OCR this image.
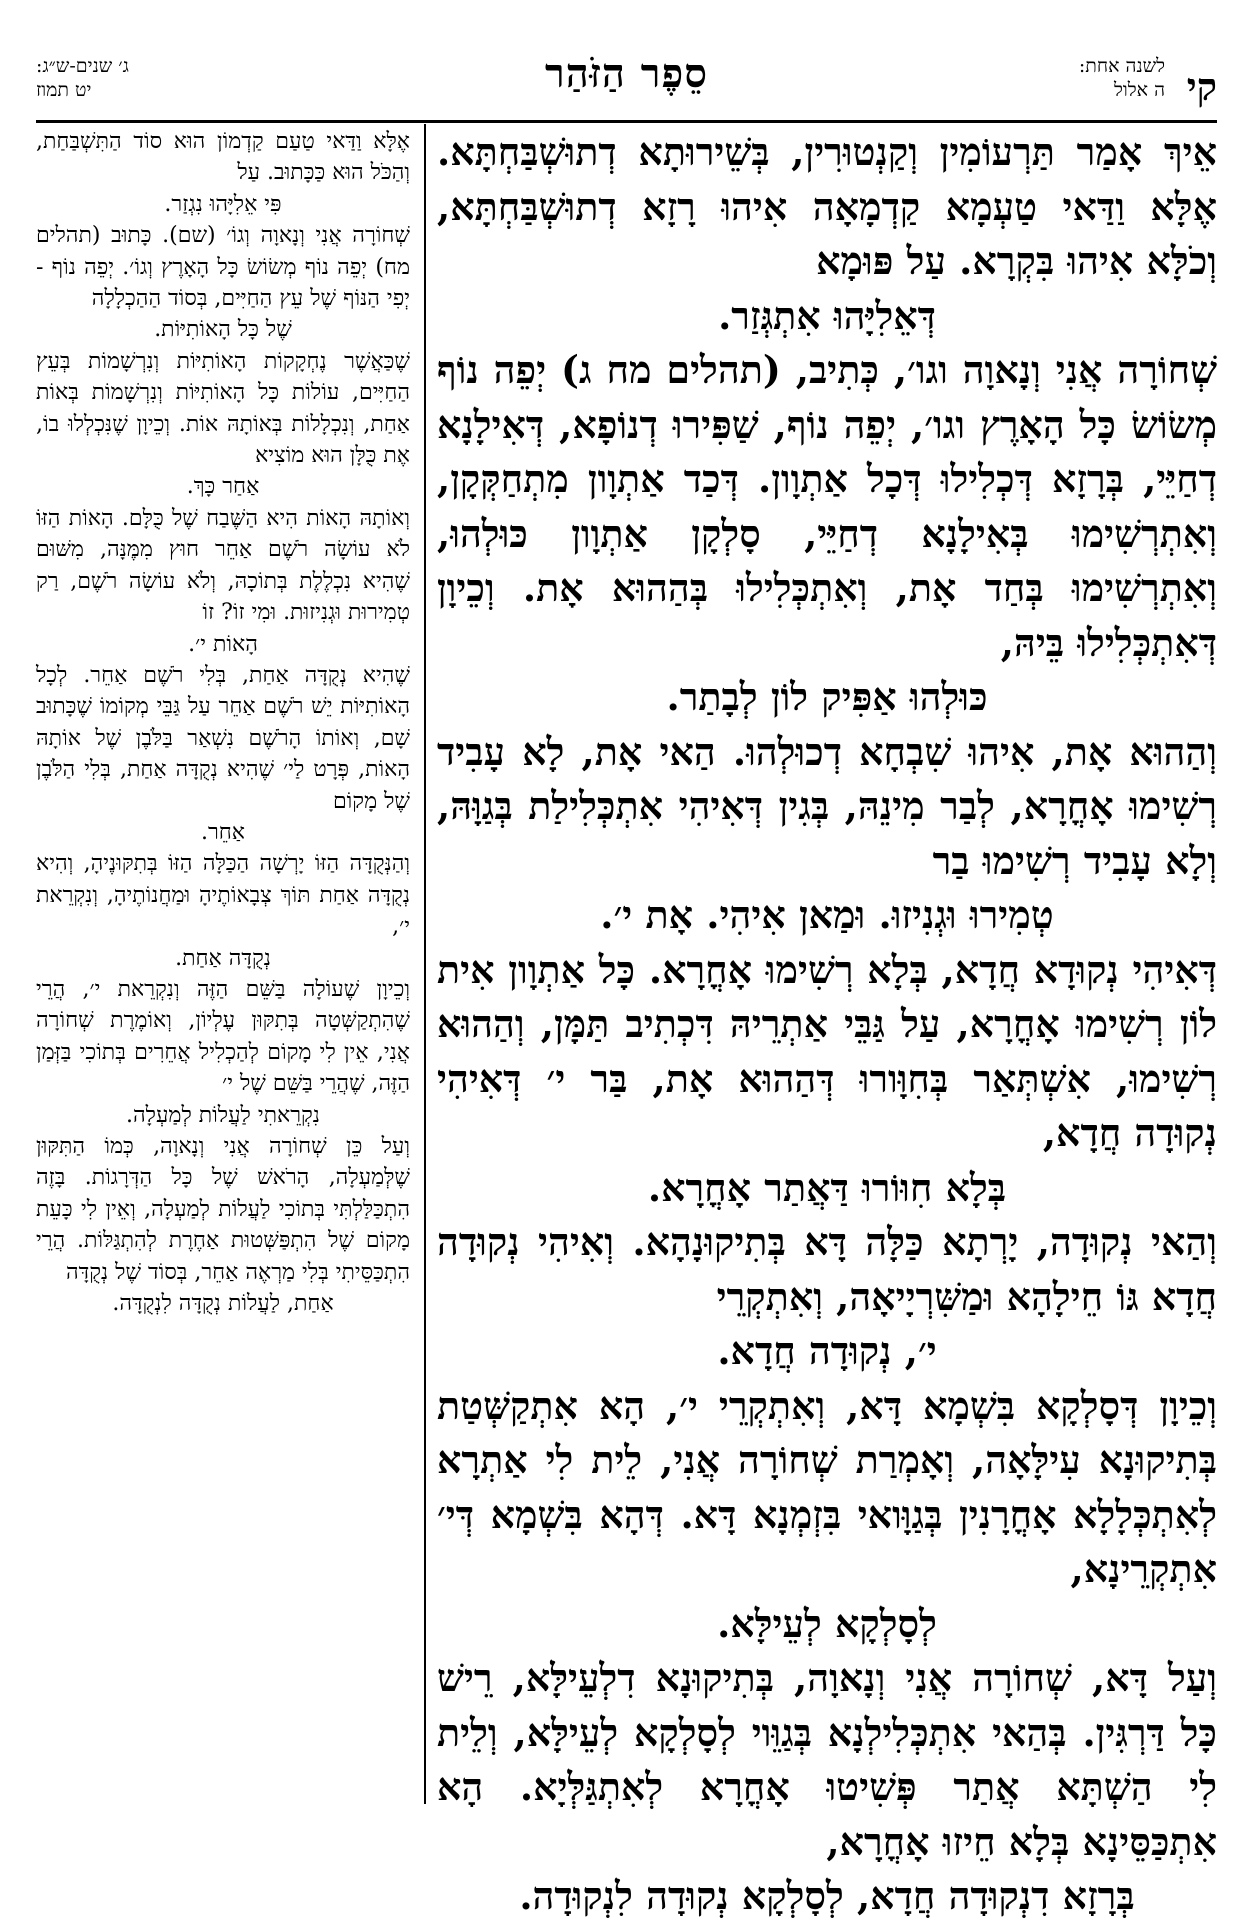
קי
לשנה אחת:
ה אלול
סֵפֶר הַזֹּהַר
ג׳ שנים-ש״ג:
יט תמוז

אֵיךְ אָמַר תַּרְעוֹמִין וְקַנְטוּרִין, בְּשֵׁירוּתָא דְתוּשְׁבַּחְתָּא. אֶלָּא וַדַּאי טַעְמָא קַדְמָאָה אִיהוּ רָזָא דְתוּשְׁבַּחְתָּא, וְכֹלָּא אִיהוּ בִּקְרָא. עַל פּוּמָא
דְּאֵלִיָּהוּ אִתְגְּזַר.

שְׁחוֹרָה אֲנִי וְנָאוָה וגו׳, כְּתִיב, (תהלים מח ג) יְפֵה נוֹף מְשׂוֹשׂ כָּל הָאָרֶץ וגו׳, יְפֵה נוֹף, שַׁפִּירוּ דְנוֹפָא, דְּאִילָנָא דְחַיֵּי, בְּרָזָא דְּכְלִילוּ דְּכָל אַתְוָון. דְּכַד אַתְוָון מִתְחַקְּקָן, וְאִתְרְשִׁימוּ בְּאִילָנָא דְחַיֵּי, סָלְקָן אַתְוָון כּוּלְהוּ, וְאִתְרְשִׁימוּ בְּחַד אָת, וְאִתְכְּלִילוּ בְּהַהוּא אָת. וְכֵיוָן דְּאִתְכְּלִילוּ בֵּיהּ,
כּוּלְהוּ אַפִּיק לוֹן לְבָתַר.

וְהַהוּא אָת, אִיהוּ שִׁבְחָא דְכוּלְהוּ. הַאי אָת, לָא עָבִיד רְשִׁימוּ אָחֳרָא, לְבַר מִינֵהּ, בְּגִין דְּאִיהִי אִתְכְּלִילַת בְּגַוָּהּ, וְלָא עָבִיד רְשִׁימוּ בַר
טְמִירוּ וּגְנִיזוּ. וּמַאן אִיהִי. אָת י׳.

דְּאִיהִי נְקוּדָא חֲדָא, בְּלָא רְשִׁימוּ אָחֳרָא. כָּל אַתְוָון אִית לוֹן רְשִׁימוּ אָחֳרָא, עַל גַּבֵּי אַתְרֵיהּ דִּכְתִיב תַּמָּן, וְהַהוּא רְשִׁימוּ, אִשְׁתְּאַר בְּחִוָּורוּ דְּהַהוּא אָת, בַּר י׳ דְּאִיהִי נְקוּדָה חֲדָא,
בְּלָא חִוּוֹרוּ דַּאֲתַר אָחֳרָא.

וְהַאי נְקוּדָה, יָרְתָא כַּלָּה דָּא בְּתִיקוּנָהָא. וְאִיהִי נְקוּדָה חֲדָא גּוֹ חֵילָהָא וּמַשִּׁרְיָיאָה, וְאִתְקְרֵי
י׳, נְקוּדָה חֲדָא.

וְכֵיוָן דְּסָלְקָא בִּשְׁמָא דָּא, וְאִתְקְרֵי י׳, הָא אִתְקַשְּׁטַת בְּתִיקוּנָא עִילָּאָה, וְאָמְרַת שְׁחוֹרָה אֲנִי, לֵית לִי אַתְרָא לְאִתְכְּלָלָא אָחֳרָנִין בְּגַוָּואי בִּזְמְנָא דָּא. דְּהָא בִּשְׁמָא דְּי׳ אִתְקְרֵינָא,
לְסָלְקָא לְעֵילָּא.

וְעַל דָּא, שְׁחוֹרָה אֲנִי וְנָאוָה, בְּתִיקוּנָא דִלְעֵילָּא, רֵישׁ כָּל דַּרְגִּין. בְּהַאי אִתְכְּלִילְנָא בְּגַוֵּוי לְסָלְקָא לְעֵילָּא, וְלֵית לִי הַשְׁתָּא אֲתַר פְּשִׁיטוּ אָחֳרָא לְאִתְגַּלְּיָא. הָא אִתְכַּסֵּינָא בְּלָא חֵיזוּ אָחֳרָא,
בְּרָזָא דִנְקוּדָה חֲדָא, לְסָלְקָא נְקוּדָה לִנְקוּדָה.

אֶלָּא וַדַּאי טַעַם קַדְמוֹן הוּא סוֹד הַתִּשְׁבַּחַת, וְהַכֹּל הוּא כַּכָּתוּב. עַל
פִּי אֵלִיָּהוּ נִגְזַר.

שְׁחוֹרָה אֲנִי וְנָאוָה וְגוֹ׳ (שם). כָּתוּב (תהלים מח) יְפֵה נוֹף מְשׂוֹשׂ כָּל הָאָרֶץ וְגוֹ׳. יְפֵה נוֹף - יְפִי הַנּוֹף שֶׁל עֵץ הַחַיִּים, בְּסוֹד הַהַכְלָלָה
שֶׁל כָּל הָאוֹתִיּוֹת.

שֶׁכַּאֲשֶׁר נֶחְקָקוֹת הָאוֹתִיּוֹת וְנִרְשָׁמוֹת בְּעֵץ הַחַיִּים, עוֹלוֹת כָּל הָאוֹתִיּוֹת וְנִרְשָׁמוֹת בְּאוֹת אַחַת, וְנִכְלָלוֹת בְּאוֹתָהּ אוֹת. וְכֵיוָן שֶׁנִּכְלְלוּ בוֹ, אֶת כֻּלָּן הוּא מוֹצִיא
אַחַר כָּךְ.

וְאוֹתָהּ הָאוֹת הִיא הַשֶּׁבַח שֶׁל כֻּלָּם. הָאוֹת הַזּוֹ לֹא עוֹשָׂה רֹשֶׁם אַחֵר חוּץ מִמֶּנָּה, מִשּׁוּם שֶׁהִיא נִכְלֶלֶת בְּתוֹכָהּ, וְלֹא עוֹשָׂה רֹשֶׁם, רַק טְמִירוּת וּגְנִיזוּת. וּמִי זוֹ? זוֹ
הָאוֹת י׳.

שֶׁהִיא נְקֻדָּה אַחַת, בְּלִי רֹשֶׁם אַחֵר. לְכָל הָאוֹתִיּוֹת יֵשׁ רֹשֶׁם אַחֵר עַל גַּבֵּי מְקוֹמוֹ שֶׁכָּתוּב שָׁם, וְאוֹתוֹ הָרֹשֶׁם נִשְׁאַר בַּלֹּבֶן שֶׁל אוֹתָהּ הָאוֹת, פְּרָט לַי׳ שֶׁהִיא נְקֻדָּה אַחַת, בְּלִי הַלֹּבֶן שֶׁל מָקוֹם
אַחֵר.

וְהַנְּקֻדָּה הַזּוֹ יָרְשָׁה הַכַּלָּה הַזּוֹ בְּתִקּוּנֶיהָ, וְהִיא נְקֻדָּה אַחַת תּוֹךְ צְבָאוֹתֶיהָ וּמַחֲנוֹתֶיהָ, וְנִקְרֵאת י׳,
נְקֻדָּה אַחַת.

וְכֵיוָן שֶׁעוֹלָה בַּשֵּׁם הַזֶּה וְנִקְרֵאת י׳, הֲרֵי שֶׁהִתְקַשְּׁטָה בְּתִקּוּן עֶלְיוֹן, וְאוֹמֶרֶת שְׁחוֹרָה אֲנִי, אֵין לִי מָקוֹם לְהַכְלִיל אֲחֵרִים בְּתוֹכִי בַּזְּמַן הַזֶּה, שֶׁהֲרֵי בַּשֵּׁם שֶׁל י׳
נִקְרֵאתִי לַעֲלוֹת לְמַעְלָה.

וְעַל כֵּן שְׁחוֹרָה אֲנִי וְנָאוָה, כְּמוֹ הַתִּקּוּן שֶׁלְּמַעְלָה, הָרֹאשׁ שֶׁל כָּל הַדְּרָגוֹת. בָּזֶה הִתְכַּלַּלְתִּי בְּתוֹכִי לַעֲלוֹת לְמַעְלָה, וְאֵין לִי כָּעֵת מָקוֹם שֶׁל הִתְפַּשְּׁטוּת אַחֶרֶת לְהִתְגַּלּוֹת. הֲרֵי הִתְכַּסֵּיתִי בְּלִי מַרְאֶה אַחֵר, בְּסוֹד שֶׁל נְקֻדָּה
אַחַת, לַעֲלוֹת נְקֻדָּה לִנְקֻדָּה.
